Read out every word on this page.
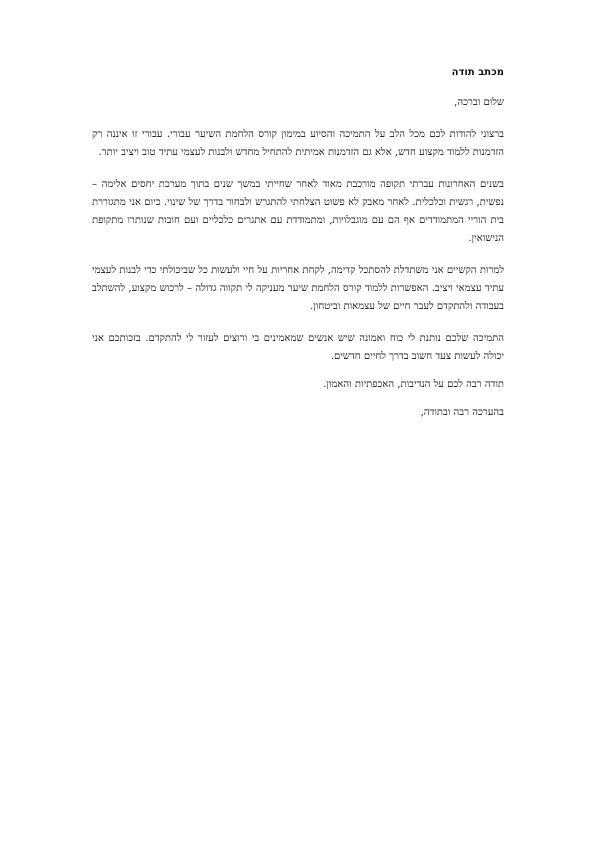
מכתב תודה
שלום וברכה,
ברצוני להודות לכם מכל הלב על התמיכה והסיוע במימון קורס הלחמת השיער עבורי. עבורי זו איננה רק הזדמנות ללמוד מקצוע חדש, אלא גם הזדמנות אמיתית להתחיל מחדש ולבנות לעצמי עתיד טוב ויציב יותר.
בשנים האחרונות עברתי תקופה מורכבת מאוד לאחר שחייתי במשך שנים בתוך מערכת יחסים אלימה – נפשית, רגשית וכלכלית. לאחר מאבק לא פשוט הצלחתי להתגרש ולבחור בדרך של שינוי. כיום אני מתגוררת בית הוריי המתמודדים אף הם עם מוגבלויות, ומתמודדת עם אתגרים כלכליים ועם חובות שנותרו מתקופת הנישואין.
למרות הקשיים אני משתדלת להסתכל קדימה, לקחת אחריות על חיי ולעשות כל שביכולתי כדי לבנות לעצמי עתיד עצמאי ויציב. האפשרות ללמוד קורס הלחמת שיער מעניקה לי תקווה גדולה – לרכוש מקצוע, להשתלב בעבודה ולהתקדם לעבר חיים של עצמאות וביטחון.
התמיכה שלכם נותנת לי כוח ואמונה שיש אנשים שמאמינים בי ורוצים לעזור לי להתקדם. בזכותכם אני יכולה לעשות צעד חשוב בדרך לחיים חדשים.
תודה רבה לכם על הנדיבות, האכפתיות והאמון.
בהערכה רבה ובתודה,
